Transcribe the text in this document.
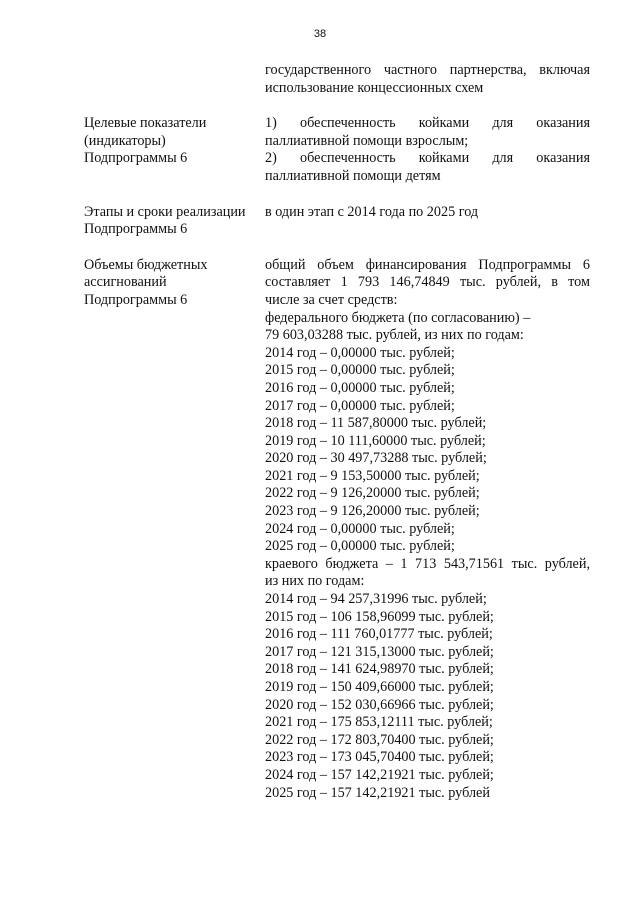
38
государственного частного партнерства, включая
использование концессионных схем
Целевые показатели
(индикаторы)
Подпрограммы 6
1) обеспеченность койками для оказания
паллиативной помощи взрослым;
2) обеспеченность койками для оказания
паллиативной помощи детям
Этапы и сроки реализации
Подпрограммы 6
в один этап с 2014 года по 2025 год
Объемы бюджетных
ассигнований
Подпрограммы 6
общий объем финансирования Подпрограммы 6
составляет 1 793 146,74849 тыс. рублей, в том
числе за счет средств:
федерального бюджета (по согласованию) –
79 603,03288 тыс. рублей, из них по годам:
2014 год – 0,00000 тыс. рублей;
2015 год – 0,00000 тыс. рублей;
2016 год – 0,00000 тыс. рублей;
2017 год – 0,00000 тыс. рублей;
2018 год – 11 587,80000 тыс. рублей;
2019 год – 10 111,60000 тыс. рублей;
2020 год – 30 497,73288 тыс. рублей;
2021 год – 9 153,50000 тыс. рублей;
2022 год – 9 126,20000 тыс. рублей;
2023 год – 9 126,20000 тыс. рублей;
2024 год – 0,00000 тыс. рублей;
2025 год – 0,00000 тыс. рублей;
краевого бюджета – 1 713 543,71561 тыс. рублей,
из них по годам:
2014 год – 94 257,31996 тыс. рублей;
2015 год – 106 158,96099 тыс. рублей;
2016 год – 111 760,01777 тыс. рублей;
2017 год – 121 315,13000 тыс. рублей;
2018 год – 141 624,98970 тыс. рублей;
2019 год – 150 409,66000 тыс. рублей;
2020 год – 152 030,66966 тыс. рублей;
2021 год – 175 853,12111 тыс. рублей;
2022 год – 172 803,70400 тыс. рублей;
2023 год – 173 045,70400 тыс. рублей;
2024 год – 157 142,21921 тыс. рублей;
2025 год – 157 142,21921 тыс. рублей
